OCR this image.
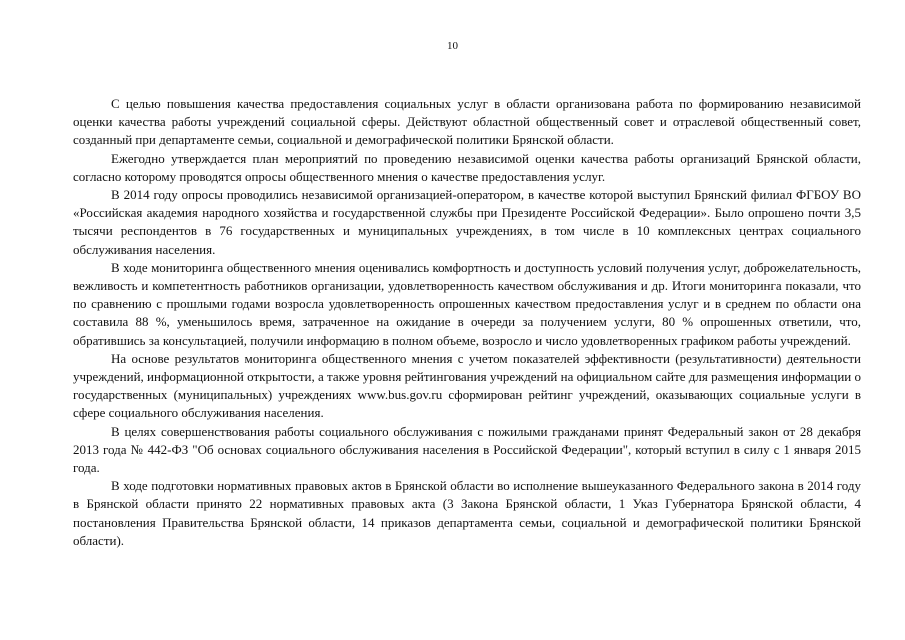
10

С целью повышения качества предоставления социальных услуг в области организована работа по формированию независимой оценки качества работы учреждений социальной сферы. Действуют областной общественный совет и отраслевой общественный совет, созданный при департаменте семьи, социальной и демографической политики Брянской области.

Ежегодно утверждается план мероприятий по проведению независимой оценки качества работы организаций Брянской области, согласно которому проводятся опросы общественного мнения о качестве предоставления услуг.

В 2014 году опросы проводились независимой организацией-оператором, в качестве которой выступил Брянский филиал ФГБОУ ВО «Российская академия народного хозяйства и государственной службы при Президенте Российской Федерации». Было опрошено почти 3,5 тысячи респондентов в 76 государственных и муниципальных учреждениях, в том числе в 10 комплексных центрах социального обслуживания населения.

В ходе мониторинга общественного мнения оценивались комфортность и доступность условий получения услуг, доброжелательность, вежливость и компетентность работников организации, удовлетворенность качеством обслуживания и др. Итоги мониторинга показали, что по сравнению с прошлыми годами возросла удовлетворенность опрошенных качеством предоставления услуг и в среднем по области она составила 88 %, уменьшилось время, затраченное на ожидание в очереди за получением услуги, 80 % опрошенных ответили, что, обратившись за консультацией, получили информацию в полном объеме, возросло и число удовлетворенных графиком работы учреждений.

На основе результатов мониторинга общественного мнения с учетом показателей эффективности (результативности) деятельности учреждений, информационной открытости, а также уровня рейтингования учреждений на официальном сайте для размещения информации о государственных (муниципальных) учреждениях www.bus.gov.ru сформирован рейтинг учреждений, оказывающих социальные услуги в сфере социального обслуживания населения.

В целях совершенствования работы социального обслуживания с пожилыми гражданами принят Федеральный закон от 28 декабря 2013 года № 442-ФЗ "Об основах социального обслуживания населения в Российской Федерации", который вступил в силу с 1 января 2015 года.

В ходе подготовки нормативных правовых актов в Брянской области во исполнение вышеуказанного Федерального закона в 2014 году в Брянской области принято 22 нормативных правовых акта (3 Закона Брянской области, 1 Указ Губернатора Брянской области, 4 постановления Правительства Брянской области, 14 приказов департамента семьи, социальной и демографической политики Брянской области).
